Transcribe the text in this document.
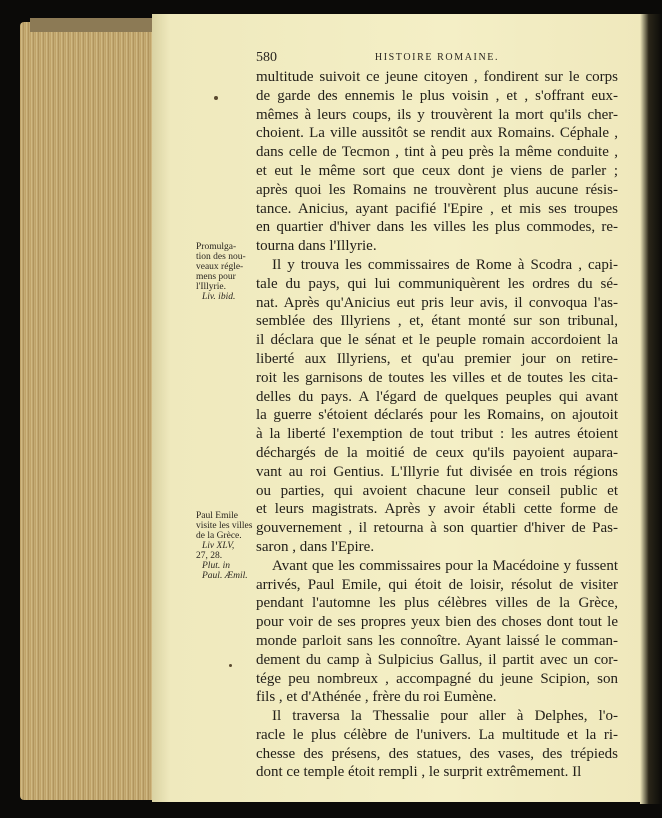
580	HISTOIRE ROMAINE.
Promulga-
tion des nou-
veaux régle-
mens pour
l'Illyrie.
Liv. ibid.
Paul Emile
visite les villes
de la Grèce.
Liv XLV,
27, 28.
Plut. in
Paul. Æmil.
multitude suivoit ce jeune citoyen , fondirent sur le corps
de garde des ennemis le plus voisin , et , s'offrant eux-
mêmes à leurs coups, ils y trouvèrent la mort qu'ils cher-
choient. La ville aussitôt se rendit aux Romains. Céphale ,
dans celle de Tecmon , tint à peu près la même conduite ,
et eut le même sort que ceux dont je viens de parler ;
après quoi les Romains ne trouvèrent plus aucune résis-
tance. Anicius, ayant pacifié l'Epire , et mis ses troupes
en quartier d'hiver dans les villes les plus commodes, re-
tourna dans l'Illyrie.
Il y trouva les commissaires de Rome à Scodra , capi-
tale du pays, qui lui communiquèrent les ordres du sé-
nat. Après qu'Anicius eut pris leur avis, il convoqua l'as-
semblée des Illyriens , et, étant monté sur son tribunal,
il déclara que le sénat et le peuple romain accordoient la
liberté aux Illyriens, et qu'au premier jour on retire-
roit les garnisons de toutes les villes et de toutes les cita-
delles du pays. A l'égard de quelques peuples qui avant
la guerre s'étoient déclarés pour les Romains, on ajoutoit
à la liberté l'exemption de tout tribut : les autres étoient
déchargés de la moitié de ceux qu'ils payoient aupara-
vant au roi Gentius. L'Illyrie fut divisée en trois régions
ou parties, qui avoient chacune leur conseil public et
et leurs magistrats. Après y avoir établi cette forme de
gouvernement , il retourna à son quartier d'hiver de Pas-
saron , dans l'Epire.
Avant que les commissaires pour la Macédoine y fussent
arrivés, Paul Emile, qui étoit de loisir, résolut de visiter
pendant l'automne les plus célèbres villes de la Grèce,
pour voir de ses propres yeux bien des choses dont tout le
monde parloit sans les connoître. Ayant laissé le comman-
dement du camp à Sulpicius Gallus, il partit avec un cor-
tége peu nombreux , accompagné du jeune Scipion, son
fils , et d'Athénée , frère du roi Eumène.
Il traversa la Thessalie pour aller à Delphes, l'o-
racle le plus célèbre de l'univers. La multitude et la ri-
chesse des présens, des statues, des vases, des trépieds
dont ce temple étoit rempli , le surprit extrêmement. Il
